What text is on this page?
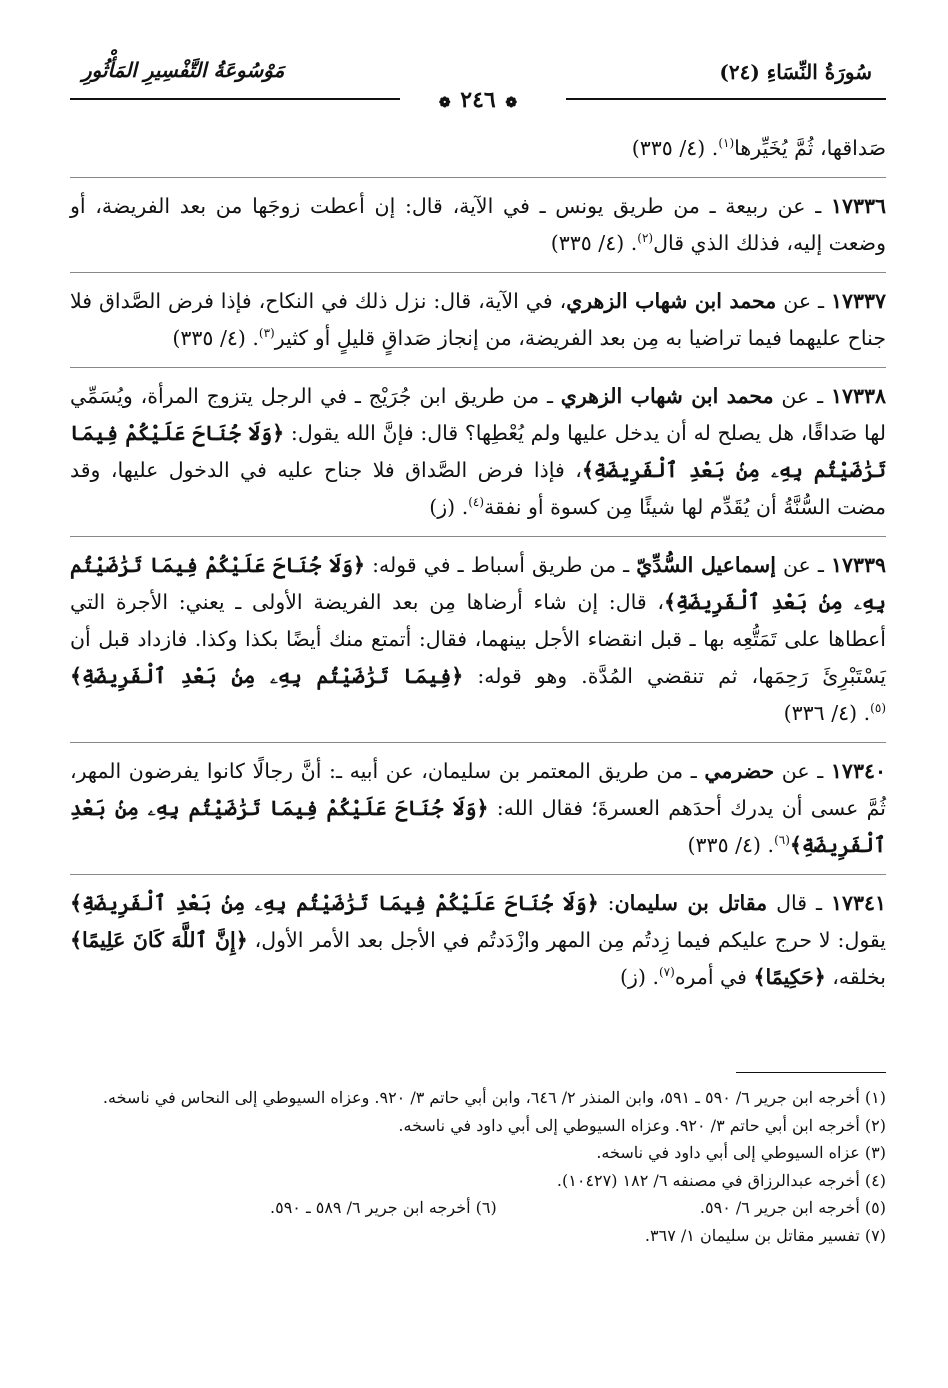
سُورَةُ النِّسَاءِ (٢٤)
مَوْسُوعَةُ التَّفْسِيرِ المَأْثُورِ
❁ ٢٤٦ ❁

صَداقها، ثُمَّ يُخَيِّرها$^{(١)}$. (٤/ ٣٣٥)

١٧٣٣٦ ـ عن ربيعة ـ من طريق يونس ـ في الآية، قال: إن أعطت زوجَها من بعد الفريضة، أو وضعت إليه، فذلك الذي قال$^{(٢)}$. (٤/ ٣٣٥)

١٧٣٣٧ ـ عن محمد ابن شهاب الزهري، في الآية، قال: نزل ذلك في النكاح، فإذا فرض الصَّداق فلا جناح عليهما فيما تراضيا به مِن بعد الفريضة، من إنجاز صَداقٍ قليلٍ أو كثير$^{(٣)}$. (٤/ ٣٣٥)

١٧٣٣٨ ـ عن محمد ابن شهاب الزهري ـ من طريق ابن جُرَيْج ـ في الرجل يتزوج المرأة، ويُسَمِّي لها صَداقًا، هل يصلح له أن يدخل عليها ولم يُعْطِها؟ قال: فإنَّ الله يقول: ﴿وَلَا جُنَاحَ عَلَيْكُمْ فِيمَا تَرَٰضَيْتُم بِهِۦ مِنۢ بَعْدِ ٱلْفَرِيضَةِ﴾، فإذا فرض الصَّداق فلا جناح عليه في الدخول عليها، وقد مضت السُّنَّةُ أن يُقَدِّم لها شيئًا مِن كسوة أو نفقة$^{(٤)}$. (ز)

١٧٣٣٩ ـ عن إسماعيل السُّدِّيّ ـ من طريق أسباط ـ في قوله: ﴿وَلَا جُنَاحَ عَلَيْكُمْ فِيمَا تَرَٰضَيْتُم بِهِۦ مِنۢ بَعْدِ ٱلْفَرِيضَةِ﴾، قال: إن شاء أرضاها مِن بعد الفريضة الأولى ـ يعني: الأجرة التي أعطاها على تَمَتُّعِه بها ـ قبل انقضاء الأجل بينهما، فقال: أتمتع منك أيضًا بكذا وكذا. فازداد قبل أن يَسْتَبْرِئَ رَحِمَها، ثم تنقضي المُدَّة. وهو قوله: ﴿فِيمَا تَرَٰضَيْتُم بِهِۦ مِنۢ بَعْدِ ٱلْفَرِيضَةِ﴾$^{(٥)}$. (٤/ ٣٣٦)

١٧٣٤٠ ـ عن حضرمي ـ من طريق المعتمر بن سليمان، عن أبيه ـ: أنَّ رجالًا كانوا يفرضون المهر، ثُمَّ عسى أن يدرك أحدَهم العسرةَ؛ فقال الله: ﴿وَلَا جُنَاحَ عَلَيْكُمْ فِيمَا تَرَٰضَيْتُم بِهِۦ مِنۢ بَعْدِ ٱلْفَرِيضَةِ﴾$^{(٦)}$. (٤/ ٣٣٥)

١٧٣٤١ ـ قال مقاتل بن سليمان: ﴿وَلَا جُنَاحَ عَلَيْكُمْ فِيمَا تَرَٰضَيْتُم بِهِۦ مِنۢ بَعْدِ ٱلْفَرِيضَةِ﴾ يقول: لا حرج عليكم فيما زِدتُم مِن المهر وازْدَدتُم في الأجل بعد الأمر الأول، ﴿إِنَّ ٱللَّهَ كَانَ عَلِيمًا﴾ بخلقه، ﴿حَكِيمًا﴾ في أمره$^{(٧)}$. (ز)

(١) أخرجه ابن جرير ٦/ ٥٩٠ ـ ٥٩١، وابن المنذر ٢/ ٦٤٦، وابن أبي حاتم ٣/ ٩٢٠. وعزاه السيوطي إلى النحاس في ناسخه.

(٢) أخرجه ابن أبي حاتم ٣/ ٩٢٠. وعزاه السيوطي إلى أبي داود في ناسخه.

(٣) عزاه السيوطي إلى أبي داود في ناسخه.

(٤) أخرجه عبدالرزاق في مصنفه ٦/ ١٨٢ (١٠٤٢٧).

(٥) أخرجه ابن جرير ٦/ ٥٩٠.

(٦) أخرجه ابن جرير ٦/ ٥٨٩ ـ ٥٩٠.

(٧) تفسير مقاتل بن سليمان ١/ ٣٦٧.
